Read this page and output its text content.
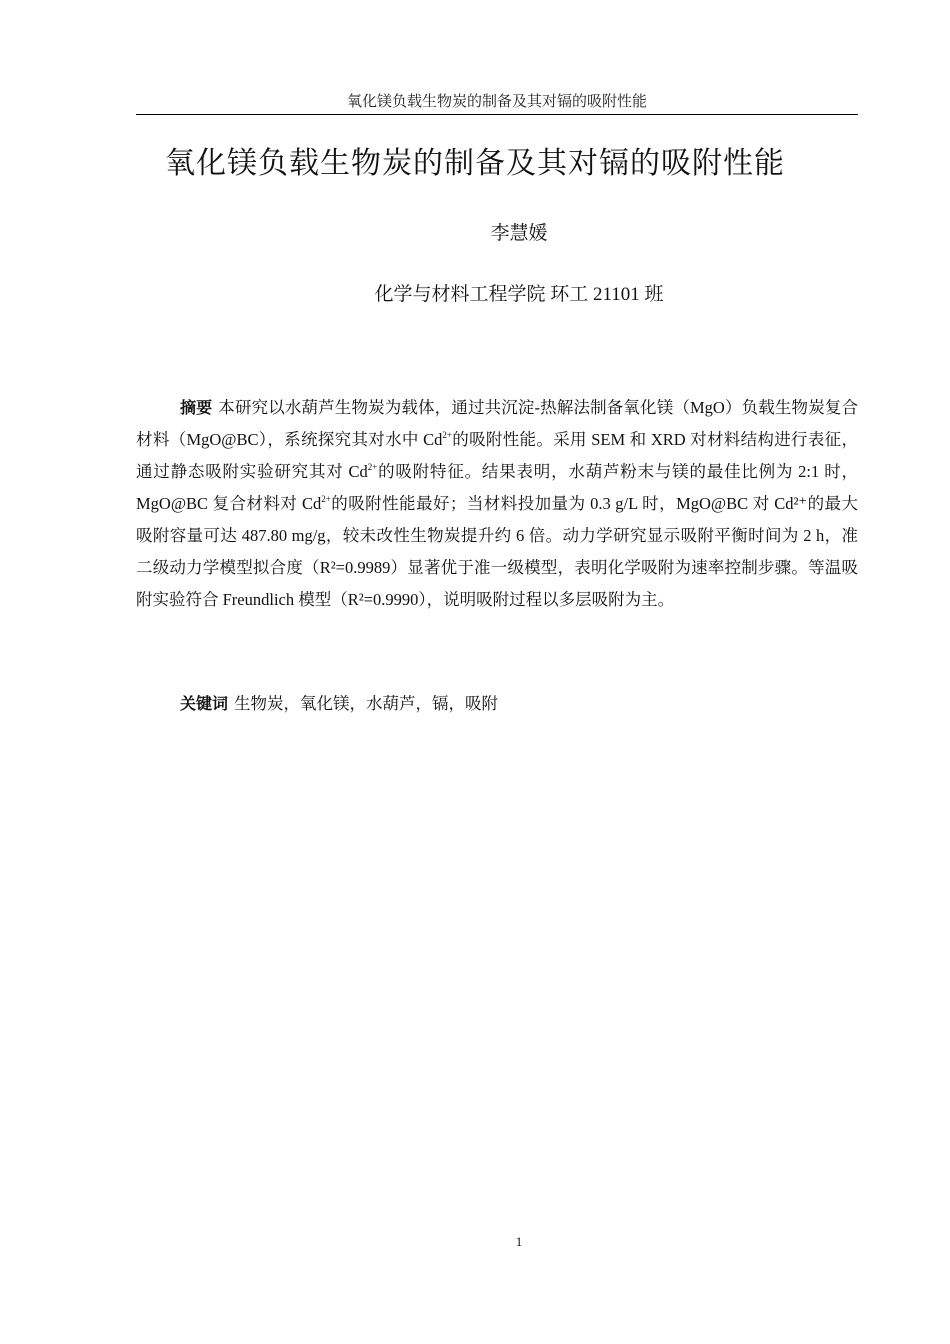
氧化镁负载生物炭的制备及其对镉的吸附性能
氧化镁负载生物炭的制备及其对镉的吸附性能
李慧媛
化学与材料工程学院 环工 21101 班

摘要 本研究以水葫芦生物炭为载体，通过共沉淀-热解法制备氧化镁（MgO）负载生物炭复合材料（MgO@BC），系统探究其对水中 $Cd^{2+}$的吸附性能。采用 SEM 和 XRD 对材料结构进行表征，通过静态吸附实验研究其对 $Cd^{2+}$的吸附特征。结果表明，水葫芦粉末与镁的最佳比例为 2:1 时，MgO@BC 复合材料对 $Cd^{2+}$的吸附性能最好；当材料投加量为 0.3 g/L 时，MgO@BC 对 Cd²⁺的最大吸附容量可达 487.80 mg/g，较未改性生物炭提升约 6 倍。动力学研究显示吸附平衡时间为 2 h，准二级动力学模型拟合度（R²=0.9989）显著优于准一级模型，表明化学吸附为速率控制步骤。等温吸附实验符合 Freundlich 模型（R²=0.9990），说明吸附过程以多层吸附为主。

关键词 生物炭，氧化镁，水葫芦，镉，吸附

1
